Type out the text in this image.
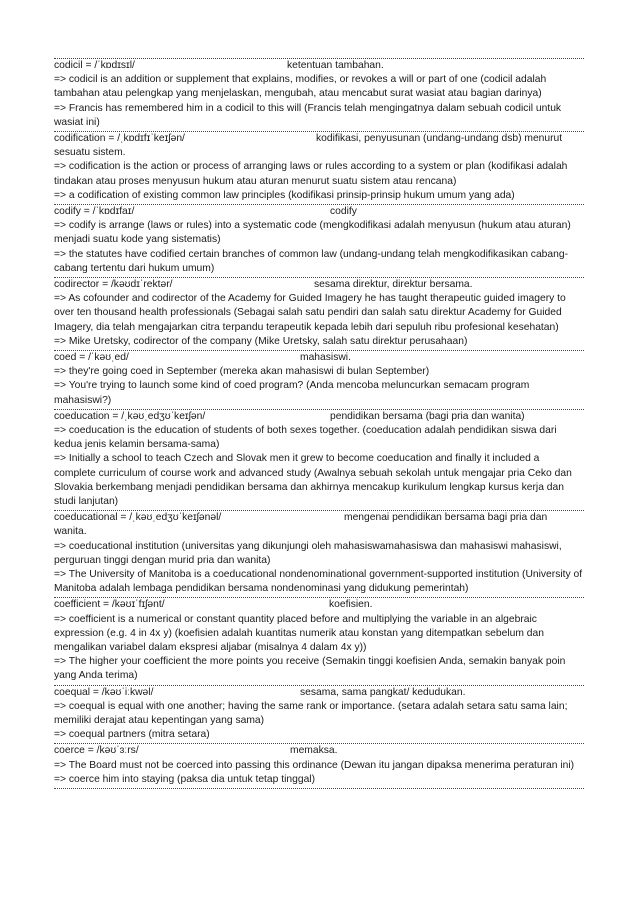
codicil = /ˈkɒdɪsɪl/	ketentuan tambahan.
=> codicil is an addition or supplement that explains, modifies, or revokes a will or part of one (codicil adalah tambahan atau pelengkap yang menjelaskan, mengubah, atau mencabut surat wasiat atau bagian darinya)
=> Francis has remembered him in a codicil to this will (Francis telah mengingatnya dalam sebuah codicil untuk wasiat ini)
codification = /ˌkɒdɪfɪˈkeɪʃən/	kodifikasi, penyusunan (undang-undang dsb) menurut
sesuatu sistem.
=> codification is the action or process of arranging laws or rules according to a system or plan (kodifikasi adalah tindakan atau proses menyusun hukum atau aturan menurut suatu sistem atau rencana)
=> a codification of existing common law principles (kodifikasi prinsip-prinsip hukum umum yang ada)
codify = /ˈkɒdɪfaɪ/	codify
=> codify is arrange (laws or rules) into a systematic code (mengkodifikasi adalah menyusun (hukum atau aturan) menjadi suatu kode yang sistematis)
=> the statutes have codified certain branches of common law (undang-undang telah mengkodifikasikan cabang-cabang tertentu dari hukum umum)
codirector = /kəʊdɪˈrektər/	sesama direktur, direktur bersama.
=> As cofounder and codirector of the Academy for Guided Imagery he has taught therapeutic guided imagery to over ten thousand health professionals (Sebagai salah satu pendiri dan salah satu direktur Academy for Guided Imagery, dia telah mengajarkan citra terpandu terapeutik kepada lebih dari sepuluh ribu profesional kesehatan)
=> Mike Uretsky, codirector of the company (Mike Uretsky, salah satu direktur perusahaan)
coed = /ˈkəʊˌed/	mahasiswi.
=> they're going coed in September (mereka akan mahasiswi di bulan September)
=> You're trying to launch some kind of coed program? (Anda mencoba meluncurkan semacam program mahasiswi?)
coeducation = /ˌkəʊˌedʒʊˈkeɪʃən/	pendidikan bersama (bagi pria dan wanita)
=> coeducation is the education of students of both sexes together. (coeducation adalah pendidikan siswa dari kedua jenis kelamin bersama-sama)
=> Initially a school to teach Czech and Slovak men it grew to become coeducation and finally it included a complete curriculum of course work and advanced study (Awalnya sebuah sekolah untuk mengajar pria Ceko dan Slovakia berkembang menjadi pendidikan bersama dan akhirnya mencakup kurikulum lengkap kursus kerja dan studi lanjutan)
coeducational = /ˌkəʊˌedʒʊˈkeɪʃənəl/	mengenai pendidikan bersama bagi pria dan
wanita.
=> coeducational institution (universitas yang dikunjungi oleh mahasiswamahasiswa dan mahasiswi mahasiswi, perguruan tinggi dengan murid pria dan wanita)
=> The University of Manitoba is a coeducational nondenominational government-supported institution (University of Manitoba adalah lembaga pendidikan bersama nondenominasi yang didukung pemerintah)
coefficient = /kəʊɪˈfɪʃənt/	koefisien.
=> coefficient is a numerical or constant quantity placed before and multiplying the variable in an algebraic expression (e.g. 4 in 4x y) (koefisien adalah kuantitas numerik atau konstan yang ditempatkan sebelum dan mengalikan variabel dalam ekspresi aljabar (misalnya 4 dalam 4x y))
=> The higher your coefficient the more points you receive (Semakin tinggi koefisien Anda, semakin banyak poin yang Anda terima)
coequal = /kəʊˈiːkwəl/	sesama, sama pangkat/ kedudukan.
=> coequal is equal with one another; having the same rank or importance. (setara adalah setara satu sama lain; memiliki derajat atau kepentingan yang sama)
=> coequal partners (mitra setara)
coerce = /kəʊˈɜːrs/	memaksa.
=> The Board must not be coerced into passing this ordinance (Dewan itu jangan dipaksa menerima peraturan ini)
=> coerce him into staying (paksa dia untuk tetap tinggal)
